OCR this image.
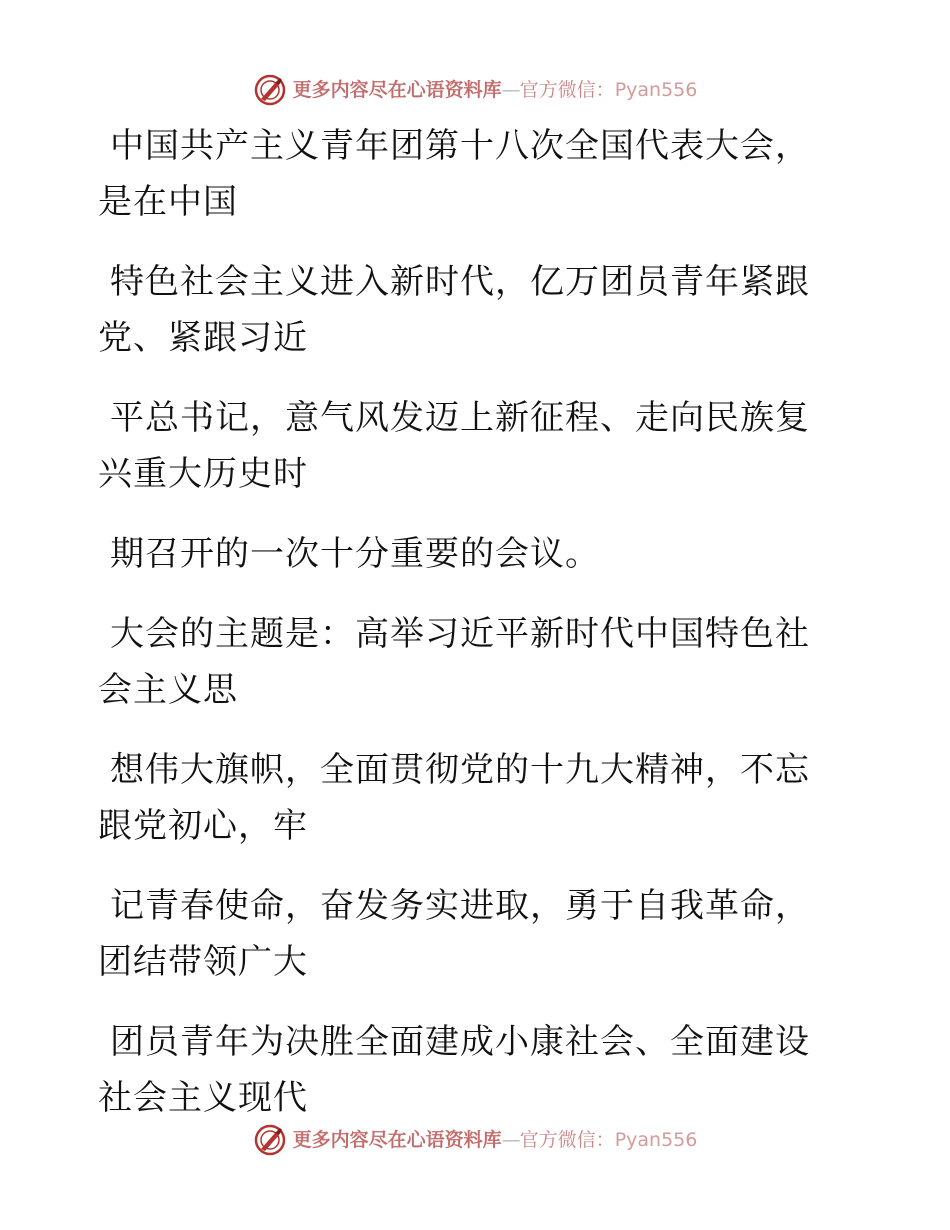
更多内容尽在心语资料库—官方微信：Pyan556

中国共产主义青年团第十八次全国代表大会，是在中国

特色社会主义进入新时代，亿万团员青年紧跟党、紧跟习近

平总书记，意气风发迈上新征程、走向民族复兴重大历史时

期召开的一次十分重要的会议。

大会的主题是：高举习近平新时代中国特色社会主义思

想伟大旗帜，全面贯彻党的十九大精神，不忘跟党初心，牢

记青春使命，奋发务实进取，勇于自我革命，团结带领广大

团员青年为决胜全面建成小康社会、全面建设社会主义现代

更多内容尽在心语资料库—官方微信：Pyan556
